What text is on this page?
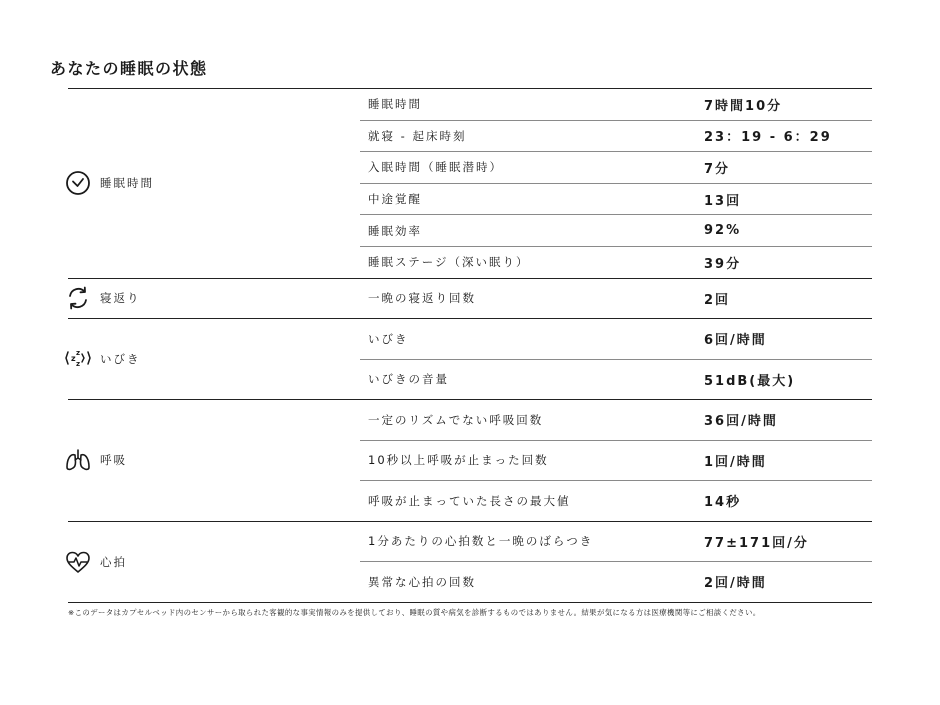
あなたの睡眠の状態
睡眠時間
睡眠時間	7時間10分
就寝 - 起床時刻	23：19 - 6：29
入眠時間（睡眠潜時）	7分
中途覚醒	13回
睡眠効率	92%
睡眠ステージ（深い眠り）	39分
寝返り	一晩の寝返り回数	2回
z
z
z いびき
いびき	6回/時間
いびきの音量	51dB(最大)
呼吸
一定のリズムでない呼吸回数	36回/時間
10秒以上呼吸が止まった回数	1回/時間
呼吸が止まっていた長さの最大値	14秒
心拍
1分あたりの心拍数と一晩のばらつき	77±171回/分
異常な心拍の回数	2回/時間
※このデータはカプセルベッド内のセンサーから取られた客観的な事実情報のみを提供しており、睡眠の質や病気を診断するものではありません。結果が気になる方は医療機関等にご相談ください。
